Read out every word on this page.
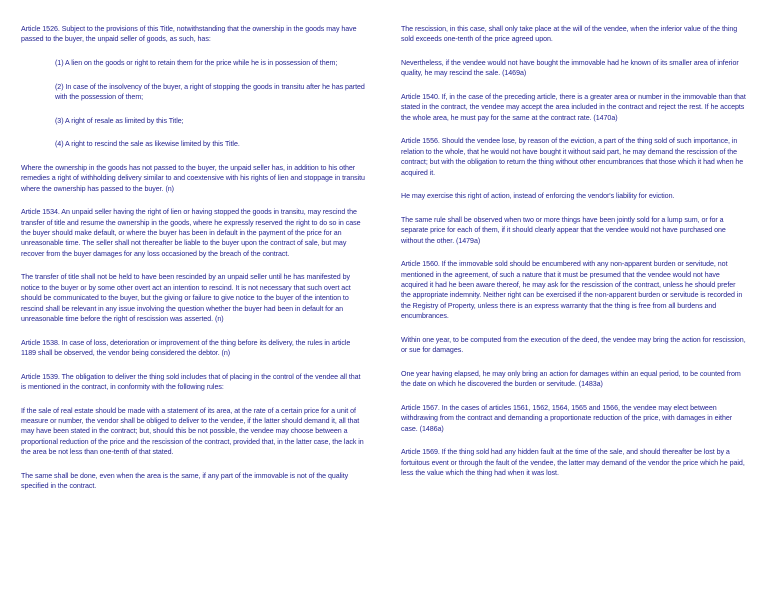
Article 1526. Subject to the provisions of this Title, notwithstanding that the ownership in the goods may have passed to the buyer, the unpaid seller of goods, as such, has:

(1) A lien on the goods or right to retain them for the price while he is in possession of them;

(2) In case of the insolvency of the buyer, a right of stopping the goods in transitu after he has parted with the possession of them;

(3) A right of resale as limited by this Title;

(4) A right to rescind the sale as likewise limited by this Title.

Where the ownership in the goods has not passed to the buyer, the unpaid seller has, in addition to his other remedies a right of withholding delivery similar to and coextensive with his rights of lien and stoppage in transitu where the ownership has passed to the buyer. (n)

Article 1534. An unpaid seller having the right of lien or having stopped the goods in transitu, may rescind the transfer of title and resume the ownership in the goods, where he expressly reserved the right to do so in case the buyer should make default, or where the buyer has been in default in the payment of the price for an unreasonable time. The seller shall not thereafter be liable to the buyer upon the contract of sale, but may recover from the buyer damages for any loss occasioned by the breach of the contract.

The transfer of title shall not be held to have been rescinded by an unpaid seller until he has manifested by notice to the buyer or by some other overt act an intention to rescind. It is not necessary that such overt act should be communicated to the buyer, but the giving or failure to give notice to the buyer of the intention to rescind shall be relevant in any issue involving the question whether the buyer had been in default for an unreasonable time before the right of rescission was asserted. (n)

Article 1538. In case of loss, deterioration or improvement of the thing before its delivery, the rules in article 1189 shall be observed, the vendor being considered the debtor. (n)

Article 1539. The obligation to deliver the thing sold includes that of placing in the control of the vendee all that is mentioned in the contract, in conformity with the following rules:

If the sale of real estate should be made with a statement of its area, at the rate of a certain price for a unit of measure or number, the vendor shall be obliged to deliver to the vendee, if the latter should demand it, all that may have been stated in the contract; but, should this be not possible, the vendee may choose between a proportional reduction of the price and the rescission of the contract, provided that, in the latter case, the lack in the area be not less than one-tenth of that stated.

The same shall be done, even when the area is the same, if any part of the immovable is not of the quality specified in the contract.

The rescission, in this case, shall only take place at the will of the vendee, when the inferior value of the thing sold exceeds one-tenth of the price agreed upon.

Nevertheless, if the vendee would not have bought the immovable had he known of its smaller area of inferior quality, he may rescind the sale. (1469a)

Article 1540. If, in the case of the preceding article, there is a greater area or number in the immovable than that stated in the contract, the vendee may accept the area included in the contract and reject the rest. If he accepts the whole area, he must pay for the same at the contract rate. (1470a)

Article 1556. Should the vendee lose, by reason of the eviction, a part of the thing sold of such importance, in relation to the whole, that he would not have bought it without said part, he may demand the rescission of the contract; but with the obligation to return the thing without other encumbrances that those which it had when he acquired it.

He may exercise this right of action, instead of enforcing the vendor's liability for eviction.

The same rule shall be observed when two or more things have been jointly sold for a lump sum, or for a separate price for each of them, if it should clearly appear that the vendee would not have purchased one without the other. (1479a)

Article 1560. If the immovable sold should be encumbered with any non-apparent burden or servitude, not mentioned in the agreement, of such a nature that it must be presumed that the vendee would not have acquired it had he been aware thereof, he may ask for the rescission of the contract, unless he should prefer the appropriate indemnity. Neither right can be exercised if the non-apparent burden or servitude is recorded in the Registry of Property, unless there is an express warranty that the thing is free from all burdens and encumbrances.

Within one year, to be computed from the execution of the deed, the vendee may bring the action for rescission, or sue for damages.

One year having elapsed, he may only bring an action for damages within an equal period, to be counted from the date on which he discovered the burden or servitude. (1483a)

Article 1567. In the cases of articles 1561, 1562, 1564, 1565 and 1566, the vendee may elect between withdrawing from the contract and demanding a proportionate reduction of the price, with damages in either case. (1486a)

Article 1569. If the thing sold had any hidden fault at the time of the sale, and should thereafter be lost by a fortuitous event or through the fault of the vendee, the latter may demand of the vendor the price which he paid, less the value which the thing had when it was lost.
